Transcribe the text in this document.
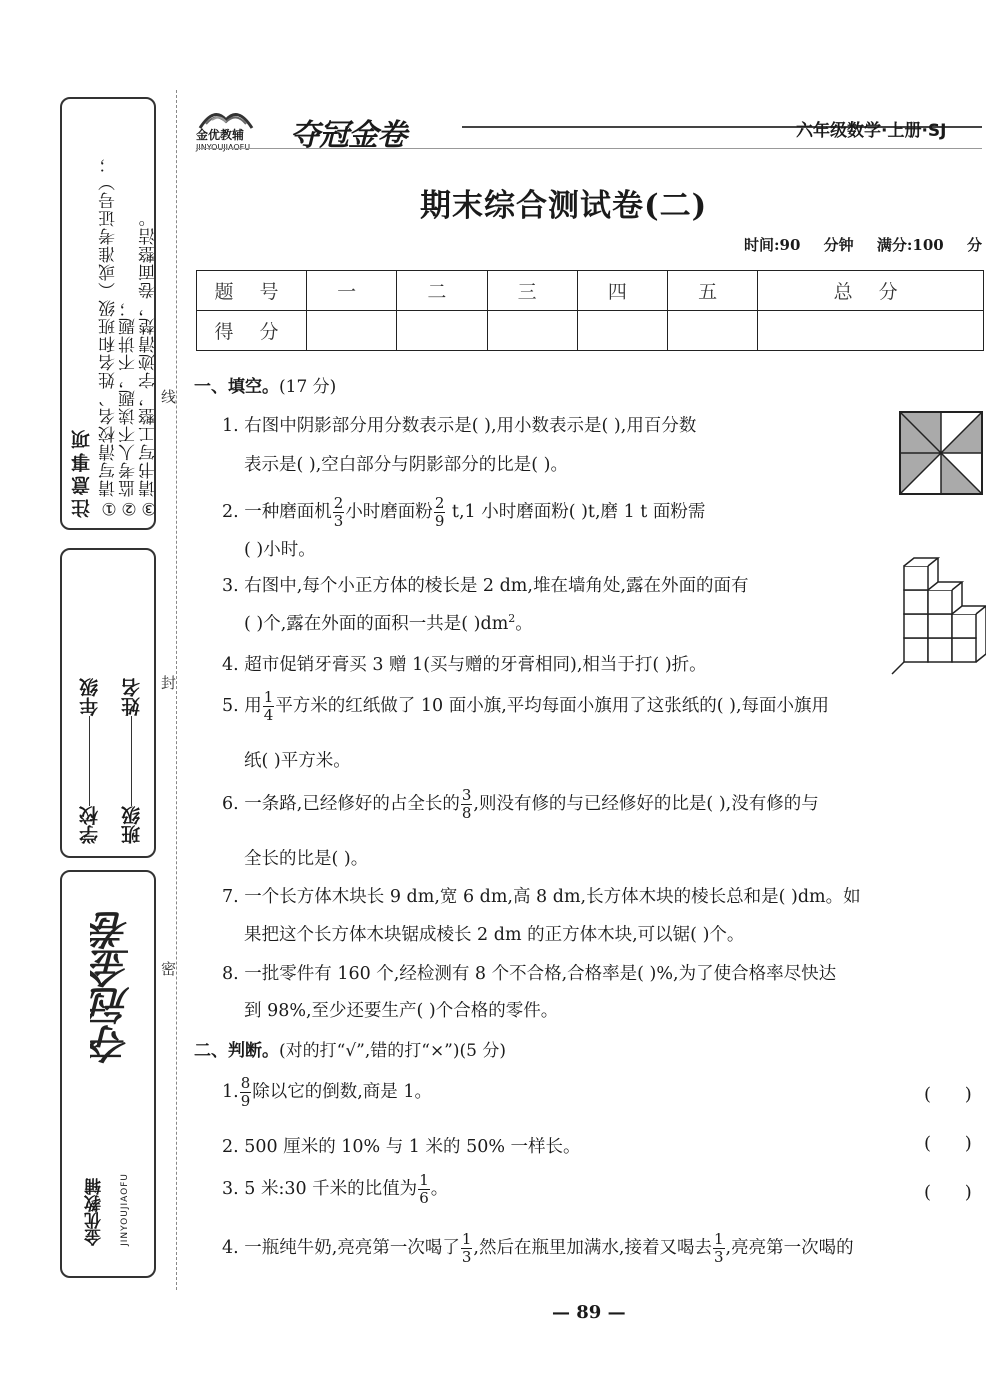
注意事项 ①请写清校名、姓名和班级（或准考证号）； ②监考人不读题，不讲题； ③请书写工整，字迹清楚，卷面整洁。
学校年级
班级姓名
夺冠金卷
金优教辅 JINYOUJIAOFU
线
封
密
金优教辅
JINYOUJIAOFU 夺冠金卷	六年级数学·上册·SJ
期末综合测试卷(二)
时间:90 分钟 满分:100 分
题 号	一	二	三	四	五	总 分
得 分						
一、填空。(17 分)
1. 右图中阴影部分用分数表示是( ),用小数表示是( ),用百分数
表示是( ),空白部分与阴影部分的比是( )。
2. 一种磨面机 $\frac{2}{3}$ 小时磨面粉 $\frac{2}{9} t,1$ 小时磨面粉( )t,磨 1 t 面粉需
( )小时。
3. 右图中,每个小正方体的棱长是 2 dm,堆在墙角处,露在外面的面有
( )个,露在外面的面积一共是( )$dm^2$。
4. 超市促销牙膏买 3 赠 1(买与赠的牙膏相同),相当于打( )折。
5. 用 $\frac{1}{4}$ 平方米的红纸做了 10 面小旗,平均每面小旗用了这张纸的( ),每面小旗用
纸( )平方米。
6. 一条路,已经修好的占全长的 $\frac{3}{8}$ ,则没有修的与已经修好的比是( ),没有修的与
全长的比是( )。
7. 一个长方体木块长 9 dm,宽 6 dm,高 8 dm,长方体木块的棱长总和是( )dm。如
果把这个长方体木块锯成棱长 2 dm 的正方体木块,可以锯( )个。
8. 一批零件有 160 个,经检测有 8 个不合格,合格率是( )%,为了使合格率尽快达
到 98%,至少还要生产( )个合格的零件。
二、判断。(对的打“√”,错的打“×”)(5 分)
1. $\frac{8}{9}$ 除以它的倒数,商是 1。	( )
2. 500 厘米的 10% 与 1 米的 50% 一样长。	( )
3. 5 米:30 千米的比值为 $\frac{1}{6}$ 。	( )
4. 一瓶纯牛奶,亮亮第一次喝了 $\frac{1}{3}$ ,然后在瓶里加满水,接着又喝去 $\frac{1}{3}$ ,亮亮第一次喝的
— 89 —
